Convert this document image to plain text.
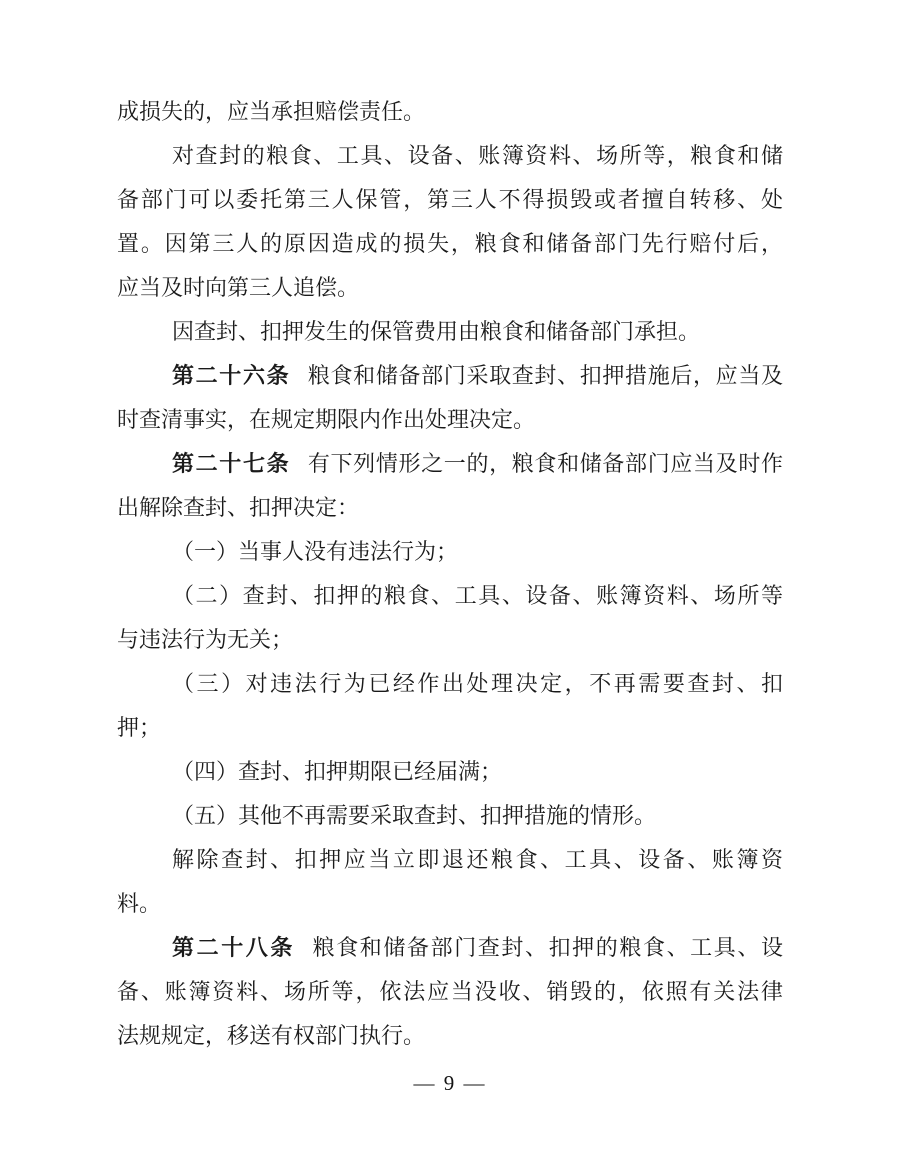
成损失的，应当承担赔偿责任。
对查封的粮食、工具、设备、账簿资料、场所等，粮食和储
备部门可以委托第三人保管，第三人不得损毁或者擅自转移、处
置。因第三人的原因造成的损失，粮食和储备部门先行赔付后，
应当及时向第三人追偿。
因查封、扣押发生的保管费用由粮食和储备部门承担。
第二十六条 粮食和储备部门采取查封、扣押措施后，应当及
时查清事实，在规定期限内作出处理决定。
第二十七条 有下列情形之一的，粮食和储备部门应当及时作
出解除查封、扣押决定：
（一）当事人没有违法行为；
（二）查封、扣押的粮食、工具、设备、账簿资料、场所等
与违法行为无关；
（三）对违法行为已经作出处理决定，不再需要查封、扣
押；
（四）查封、扣押期限已经届满；
（五）其他不再需要采取查封、扣押措施的情形。
解除查封、扣押应当立即退还粮食、工具、设备、账簿资
料。
第二十八条 粮食和储备部门查封、扣押的粮食、工具、设
备、账簿资料、场所等，依法应当没收、销毁的，依照有关法律
法规规定，移送有权部门执行。
— 9 —
